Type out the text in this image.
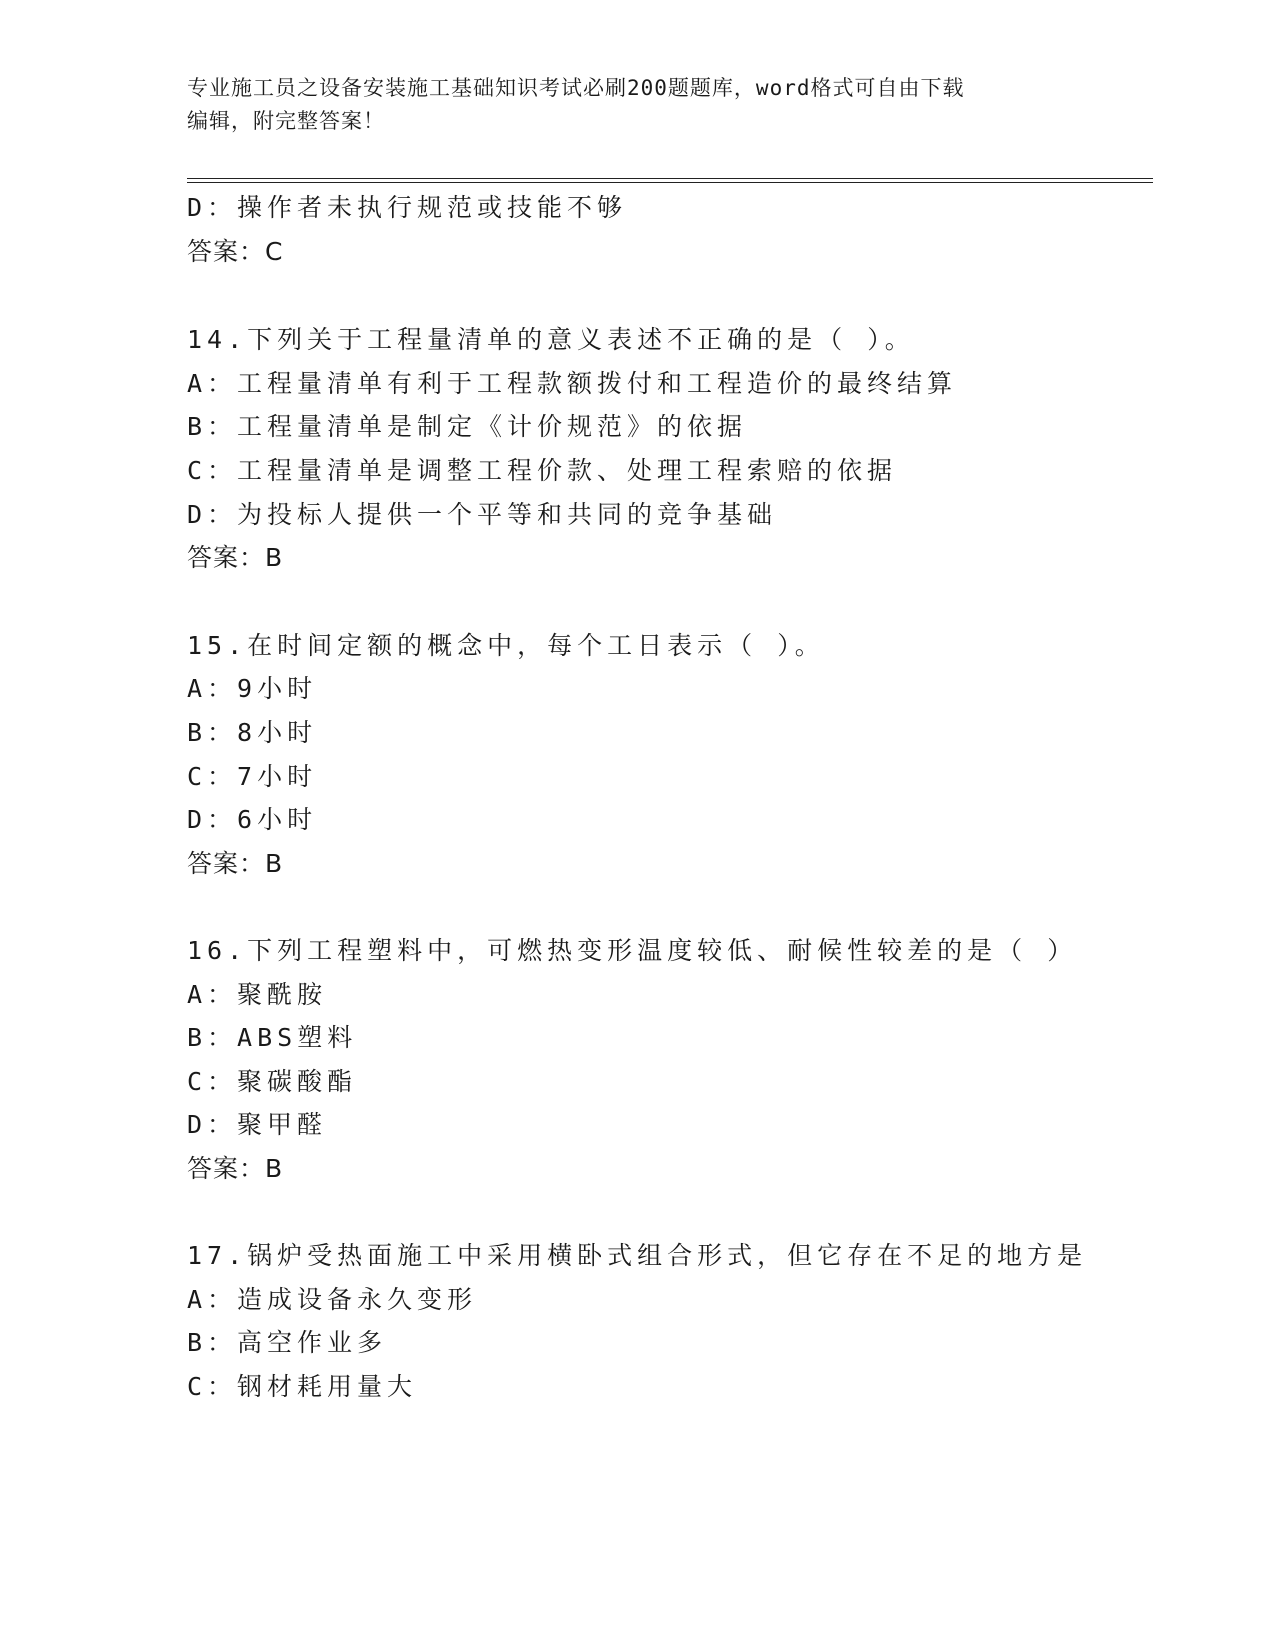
专业施工员之设备安装施工基础知识考试必刷200题题库，word格式可自由下载
编辑，附完整答案！
D：操作者未执行规范或技能不够
答案：C
14.下列关于工程量清单的意义表述不正确的是（ ）。
A：工程量清单有利于工程款额拨付和工程造价的最终结算
B：工程量清单是制定《计价规范》的依据
C：工程量清单是调整工程价款、处理工程索赔的依据
D：为投标人提供一个平等和共同的竞争基础
答案：B
15.在时间定额的概念中，每个工日表示（ ）。
A：9小时
B：8小时
C：7小时
D：6小时
答案：B
16.下列工程塑料中，可燃热变形温度较低、耐候性较差的是（ ）
A：聚酰胺
B：ABS塑料
C：聚碳酸酯
D：聚甲醛
答案：B
17.锅炉受热面施工中采用横卧式组合形式，但它存在不足的地方是
A：造成设备永久变形
B：高空作业多
C：钢材耗用量大
